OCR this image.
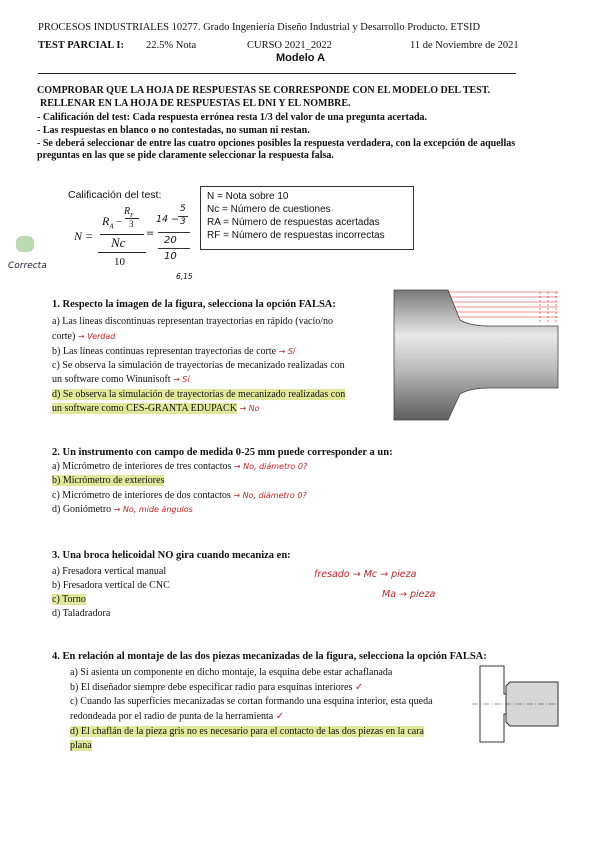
PROCESOS INDUSTRIALES 10277. Grado Ingeniería Diseño Industrial y Desarrollo Producto. ETSID
TEST PARCIAL I: 22.5% Nota	CURSO 2021_2022	11 de Noviembre de 2021
Modelo A
COMPROBAR QUE LA HOJA DE RESPUESTAS SE CORRESPONDE CON EL MODELO DEL TEST.
RELLENAR EN LA HOJA DE RESPUESTAS EL DNI Y EL NOMBRE.
- Calificación del test: Cada respuesta errónea resta 1/3 del valor de una pregunta acertada.
- Las respuestas en blanco o no contestadas, no suman ni restan.
- Se deberá seleccionar de entre las cuatro opciones posibles la respuesta verdadera, con la excepción de aquellas
preguntas en las que se pide claramente seleccionar la respuesta falsa.
Calificación del test:
N =
$R_A$ −
$R_F$
3
Nc
10
=
14 −
5
3
20
10
6,15
N = Nota sobre 10
Nc = Número de cuestiones
RA = Número de respuestas acertadas
RF = Número de respuestas incorrectas
Correcta
1. Respecto la imagen de la figura, selecciona la opción FALSA:
a) Las líneas discontinuas representan trayectorias en rápido (vacío/no
corte) → Verdad
b) Las líneas continuas representan trayectorias de corte → Sí
c) Se observa la simulación de trayectorias de mecanizado realizadas con
un software como Winunisoft → Sí
d) Se observa la simulación de trayectorias de mecanizado realizadas con
un software como CES-GRANTA EDUPACK → No
2. Un instrumento con campo de medida 0-25 mm puede corresponder a un:
a) Micrómetro de interiores de tres contactos → No, diámetro 0?
b) Micrómetro de exteriores
c) Micrómetro de interiores de dos contactos → No, diámetro 0?
d) Goniómetro → No, mide ángulos
3. Una broca helicoidal NO gira cuando mecaniza en:
a) Fresadora vertical manual
b) Fresadora vertical de CNC
c) Torno
d) Taladradora
fresado → Mc → pieza
Ma → pieza
4. En relación al montaje de las dos piezas mecanizadas de la figura, selecciona la opción FALSA:
a) Si asienta un componente en dicho montaje, la esquina debe estar achaflanada
b) El diseñador siempre debe especificar radio para esquinas interiores ✓
c) Cuando las superficies mecanizadas se cortan formando una esquina interior, esta queda
redondeada por el radio de punta de la herramienta ✓
d) El chaflán de la pieza gris no es necesario para el contacto de las dos piezas en la cara
plana
